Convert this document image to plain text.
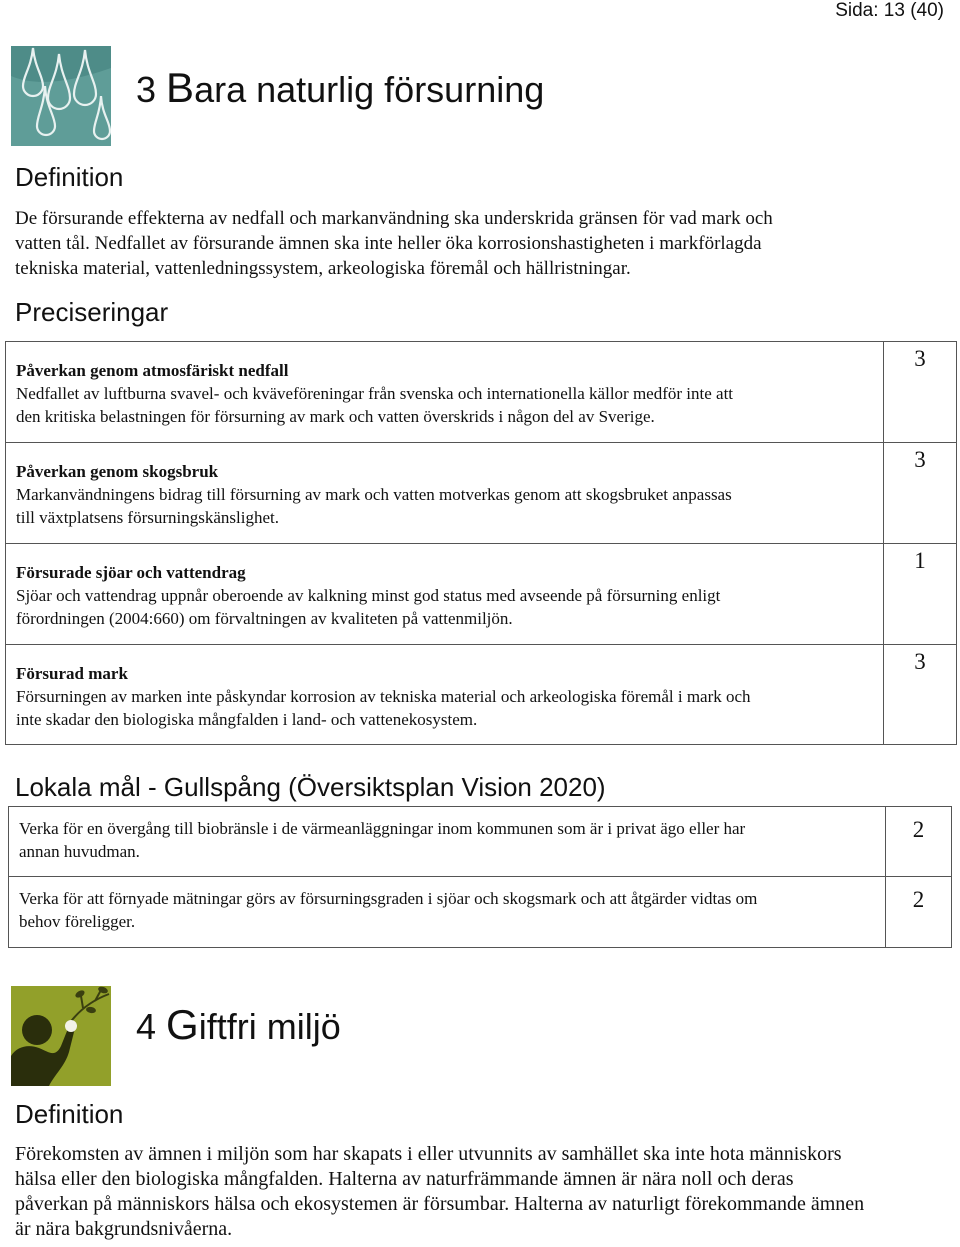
Sida: 13 (40)
3 Bara naturlig försurning
Definition
De försurande effekterna av nedfall och markanvändning ska underskrida gränsen för vad mark och
vatten tål. Nedfallet av försurande ämnen ska inte heller öka korrosionshastigheten i markförlagda
tekniska material, vattenledningssystem, arkeologiska föremål och hällristningar.
Preciseringar
Påverkan genom atmosfäriskt nedfall
Nedfallet av luftburna svavel- och kväveföreningar från svenska och internationella källor medför inte att
den kritiska belastningen för försurning av mark och vatten överskrids i någon del av Sverige.	3

Påverkan genom skogsbruk
Markanvändningens bidrag till försurning av mark och vatten motverkas genom att skogsbruket anpassas
till växtplatsens försurningskänslighet.	3

Försurade sjöar och vattendrag
Sjöar och vattendrag uppnår oberoende av kalkning minst god status med avseende på försurning enligt
förordningen (2004:660) om förvaltningen av kvaliteten på vattenmiljön.	1

Försurad mark
Försurningen av marken inte påskyndar korrosion av tekniska material och arkeologiska föremål i mark och
inte skadar den biologiska mångfalden i land- och vattenekosystem.	3
Lokala mål - Gullspång (Översiktsplan Vision 2020)
Verka för en övergång till biobränsle i de värmeanläggningar inom kommunen som är i privat ägo eller har
annan huvudman.	2

Verka för att förnyade mätningar görs av försurningsgraden i sjöar och skogsmark och att åtgärder vidtas om
behov föreligger.	2
4 Giftfri miljö
Definition
Förekomsten av ämnen i miljön som har skapats i eller utvunnits av samhället ska inte hota människors
hälsa eller den biologiska mångfalden. Halterna av naturfrämmande ämnen är nära noll och deras
påverkan på människors hälsa och ekosystemen är försumbar. Halterna av naturligt förekommande ämnen
är nära bakgrundsnivåerna.
